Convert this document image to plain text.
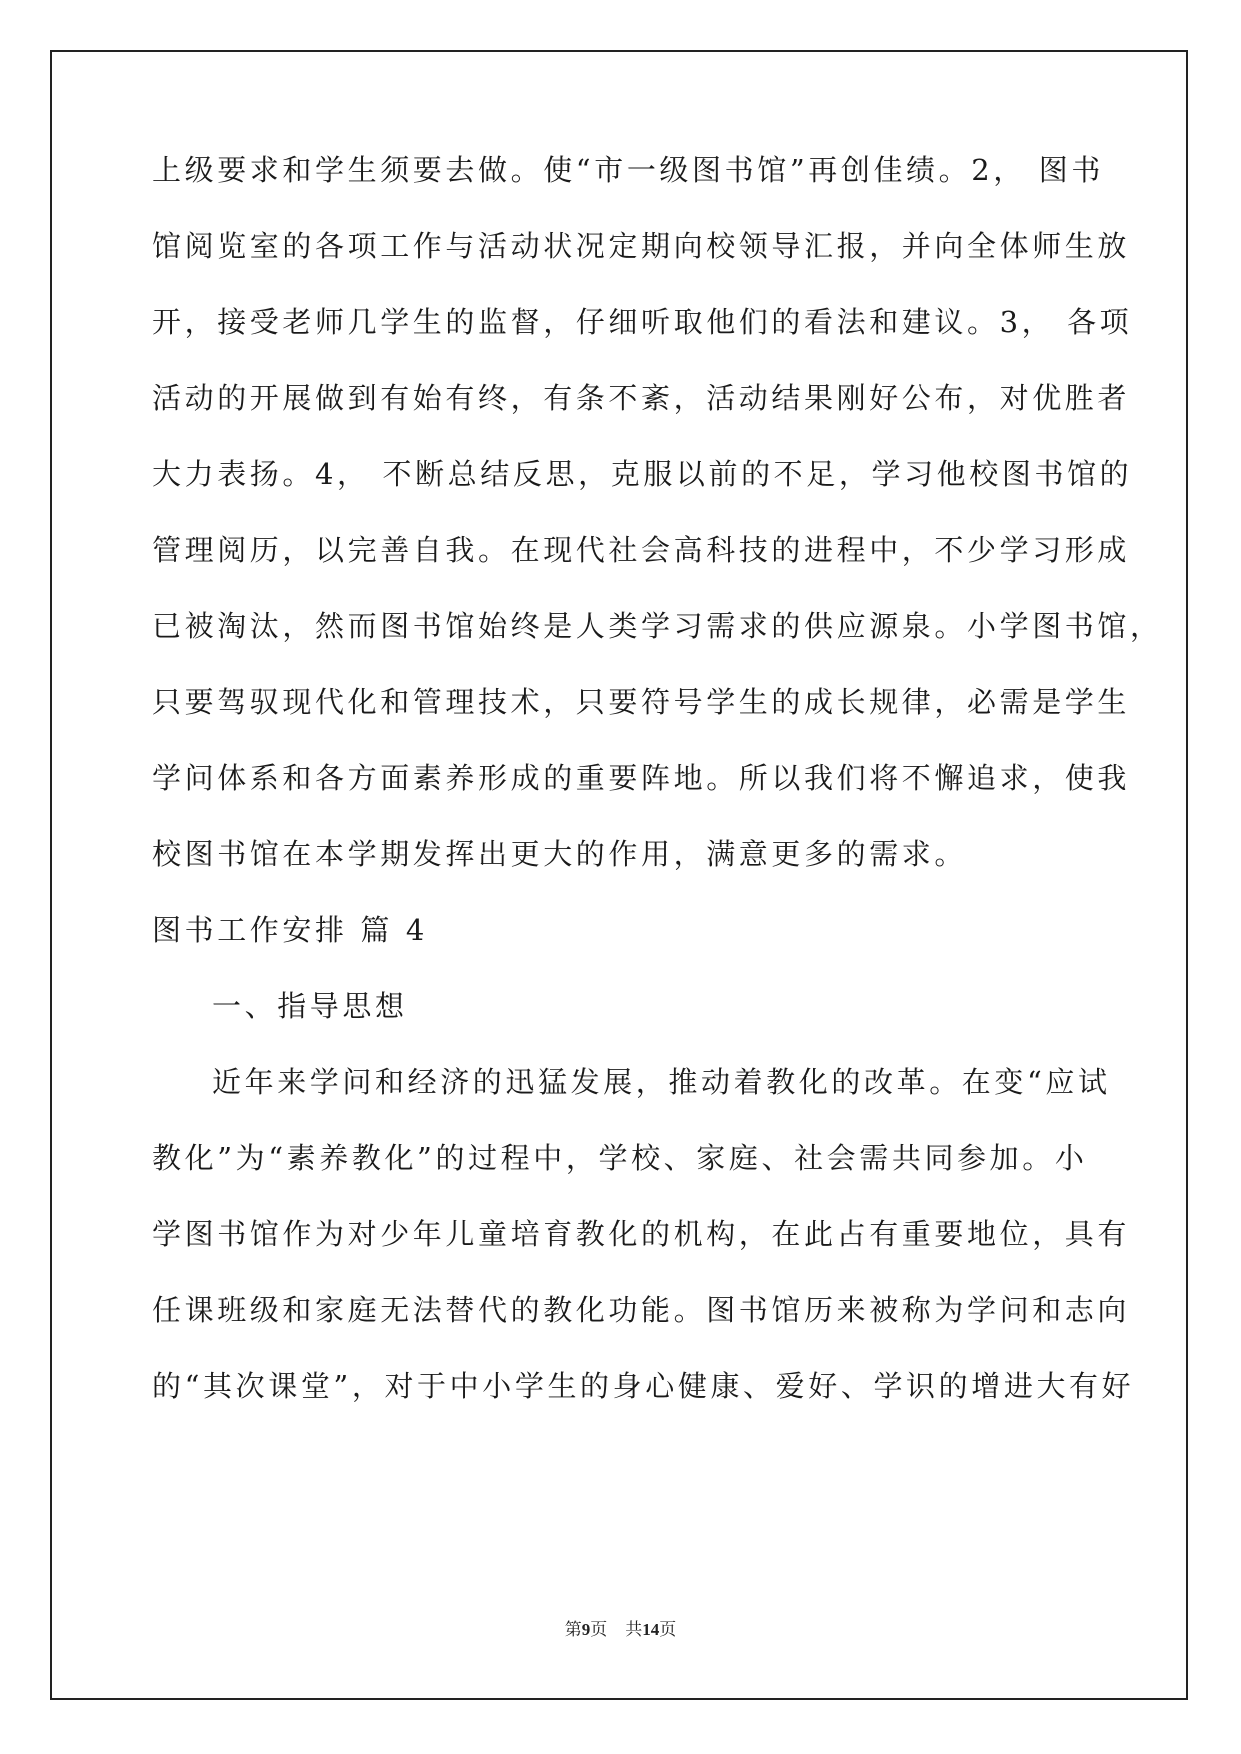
上级要求和学生须要去做。使“市一级图书馆”再创佳绩。2， 图书

馆阅览室的各项工作与活动状况定期向校领导汇报，并向全体师生放

开，接受老师几学生的监督，仔细听取他们的看法和建议。3， 各项

活动的开展做到有始有终，有条不紊，活动结果刚好公布，对优胜者

大力表扬。4， 不断总结反思，克服以前的不足，学习他校图书馆的

管理阅历，以完善自我。在现代社会高科技的进程中，不少学习形成

已被淘汰，然而图书馆始终是人类学习需求的供应源泉。小学图书馆，

只要驾驭现代化和管理技术，只要符号学生的成长规律，必需是学生

学问体系和各方面素养形成的重要阵地。所以我们将不懈追求，使我

校图书馆在本学期发挥出更大的作用，满意更多的需求。

图书工作安排 篇 4

一、指导思想

近年来学问和经济的迅猛发展，推动着教化的改革。在变“应试

教化”为“素养教化”的过程中，学校、家庭、社会需共同参加。小

学图书馆作为对少年儿童培育教化的机构，在此占有重要地位，具有

任课班级和家庭无法替代的教化功能。图书馆历来被称为学问和志向

的“其次课堂”，对于中小学生的身心健康、爱好、学识的增进大有好

第9页 共14页
